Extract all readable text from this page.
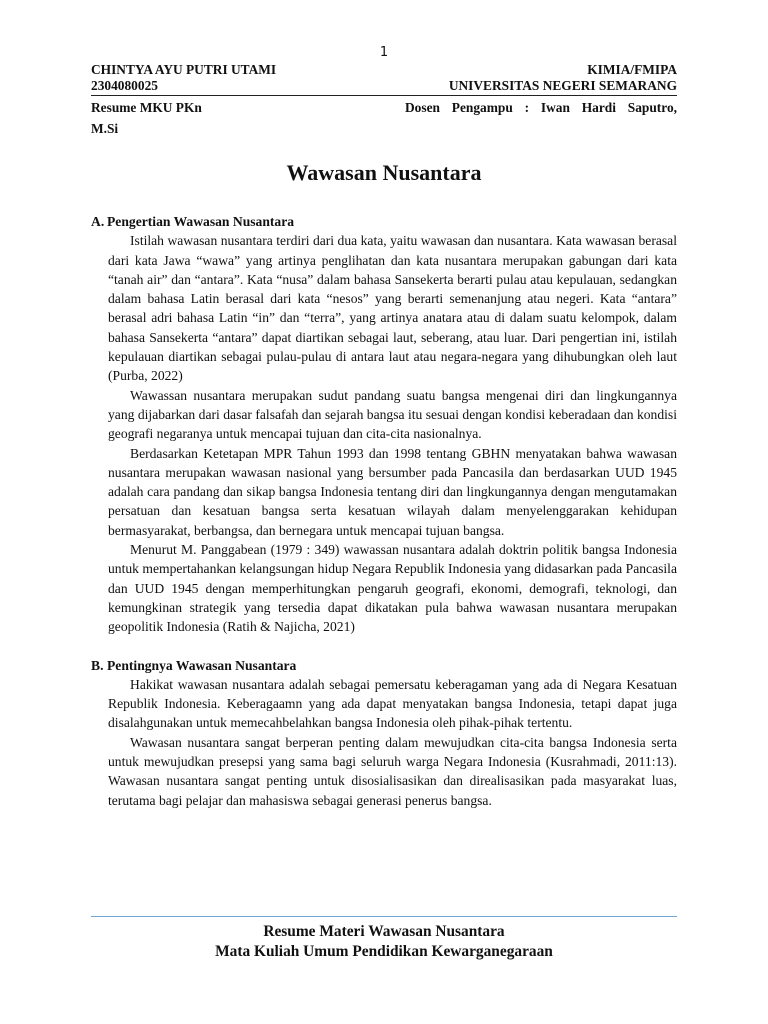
1
CHINTYA AYU PUTRI UTAMI	KIMIA/FMIPA
2304080025	UNIVERSITAS NEGERI SEMARANG
Resume MKU PKn	Dosen Pengampu : Iwan Hardi Saputro,
M.Si
Wawasan Nusantara
A. Pengertian Wawasan Nusantara

Istilah wawasan nusantara terdiri dari dua kata, yaitu wawasan dan nusantara. Kata wawasan berasal dari kata Jawa “wawa” yang artinya penglihatan dan kata nusantara merupakan gabungan dari kata “tanah air” dan “antara”. Kata “nusa” dalam bahasa Sansekerta berarti pulau atau kepulauan, sedangkan dalam bahasa Latin berasal dari kata “nesos” yang berarti semenanjung atau negeri. Kata “antara” berasal adri bahasa Latin “in” dan “terra”, yang artinya anatara atau di dalam suatu kelompok, dalam bahasa Sansekerta “antara” dapat diartikan sebagai laut, seberang, atau luar. Dari pengertian ini, istilah kepulauan diartikan sebagai pulau-pulau di antara laut atau negara-negara yang dihubungkan oleh laut (Purba, 2022)

Wawassan nusantara merupakan sudut pandang suatu bangsa mengenai diri dan lingkungannya yang dijabarkan dari dasar falsafah dan sejarah bangsa itu sesuai dengan kondisi keberadaan dan kondisi geografi negaranya untuk mencapai tujuan dan cita-cita nasionalnya.

Berdasarkan Ketetapan MPR Tahun 1993 dan 1998 tentang GBHN menyatakan bahwa wawasan nusantara merupakan wawasan nasional yang bersumber pada Pancasila dan berdasarkan UUD 1945 adalah cara pandang dan sikap bangsa Indonesia tentang diri dan lingkungannya dengan mengutamakan persatuan dan kesatuan bangsa serta kesatuan wilayah dalam menyelenggarakan kehidupan bermasyarakat, berbangsa, dan bernegara untuk mencapai tujuan bangsa.

Menurut M. Panggabean (1979 : 349) wawassan nusantara adalah doktrin politik bangsa Indonesia untuk mempertahankan kelangsungan hidup Negara Republik Indonesia yang didasarkan pada Pancasila dan UUD 1945 dengan memperhitungkan pengaruh geografi, ekonomi, demografi, teknologi, dan kemungkinan strategik yang tersedia dapat dikatakan pula bahwa wawasan nusantara merupakan geopolitik Indonesia (Ratih & Najicha, 2021)

B. Pentingnya Wawasan Nusantara

Hakikat wawasan nusantara adalah sebagai pemersatu keberagaman yang ada di Negara Kesatuan Republik Indonesia. Keberagaamn yang ada dapat menyatakan bangsa Indonesia, tetapi dapat juga disalahgunakan untuk memecahbelahkan bangsa Indonesia oleh pihak-pihak tertentu.

Wawasan nusantara sangat berperan penting dalam mewujudkan cita-cita bangsa Indonesia serta untuk mewujudkan presepsi yang sama bagi seluruh warga Negara Indonesia (Kusrahmadi, 2011:13). Wawasan nusantara sangat penting untuk disosialisasikan dan direalisasikan pada masyarakat luas, terutama bagi pelajar dan mahasiswa sebagai generasi penerus bangsa.

Resume Materi Wawasan Nusantara
Mata Kuliah Umum Pendidikan Kewarganegaraan
